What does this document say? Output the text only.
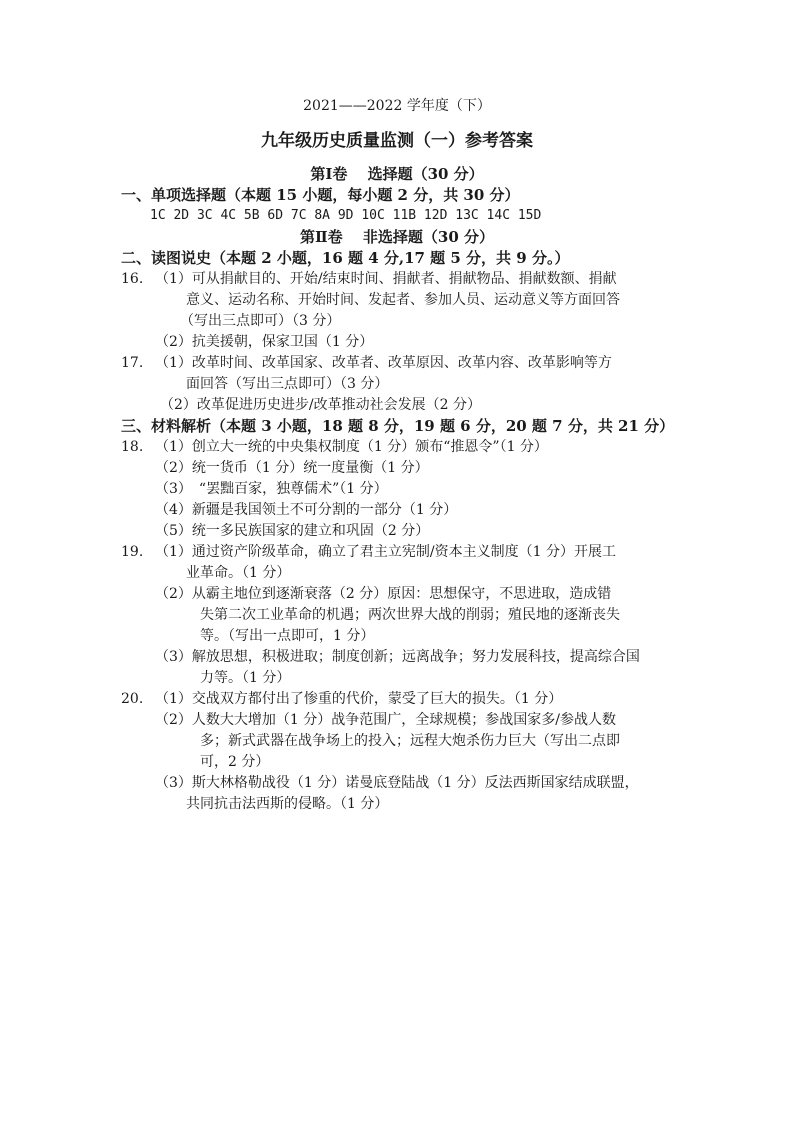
2021——2022 学年度（下）
九年级历史质量监测（一）参考答案
第Ⅰ卷　 选择题（30 分）
一、单项选择题（本题 15 小题，每小题 2 分，共 30 分）
1C 2D 3C 4C 5B 6D 7C 8A 9D 10C 11B 12D 13C 14C 15D
第Ⅱ卷　 非选择题（30 分）
二、读图说史（本题 2 小题，16 题 4 分,17 题 5 分，共 9 分。）
16. （1）可从捐献目的、开始/结束时间、捐献者、捐献物品、捐献数额、捐献
意义、运动名称、开始时间、发起者、参加人员、运动意义等方面回答
（写出三点即可）（3 分）
（2）抗美援朝，保家卫国（1 分）
17. （1）改革时间、改革国家、改革者、改革原因、改革内容、改革影响等方
面回答（写出三点即可）（3 分）
（2）改革促进历史进步/改革推动社会发展（2 分）
三、材料解析（本题 3 小题，18 题 8 分，19 题 6 分，20 题 7 分，共 21 分）
18. （1）创立大一统的中央集权制度（1 分）颁布“推恩令”（1 分）
（2）统一货币（1 分）统一度量衡（1 分）
（3）　“罢黜百家，独尊儒术”（1 分）
（4）新疆是我国领土不可分割的一部分（1 分）
（5）统一多民族国家的建立和巩固（2 分）
19. （1）通过资产阶级革命，确立了君主立宪制/资本主义制度（1 分）开展工
业革命。（1 分）
（2）从霸主地位到逐渐衰落（2 分）原因：思想保守，不思进取，造成错
失第二次工业革命的机遇；两次世界大战的削弱；殖民地的逐渐丧失
等。（写出一点即可，1 分）
（3）解放思想，积极进取；制度创新；远离战争；努力发展科技，提高综合国
力等。（1 分）
20. （1）交战双方都付出了惨重的代价，蒙受了巨大的损失。（1 分）
（2）人数大大增加（1 分）战争范围广，全球规模；参战国家多/参战人数
多；新式武器在战争场上的投入；远程大炮杀伤力巨大（写出二点即
可，2 分）
（3）斯大林格勒战役（1 分）诺曼底登陆战（1 分）反法西斯国家结成联盟，
共同抗击法西斯的侵略。（1 分）
